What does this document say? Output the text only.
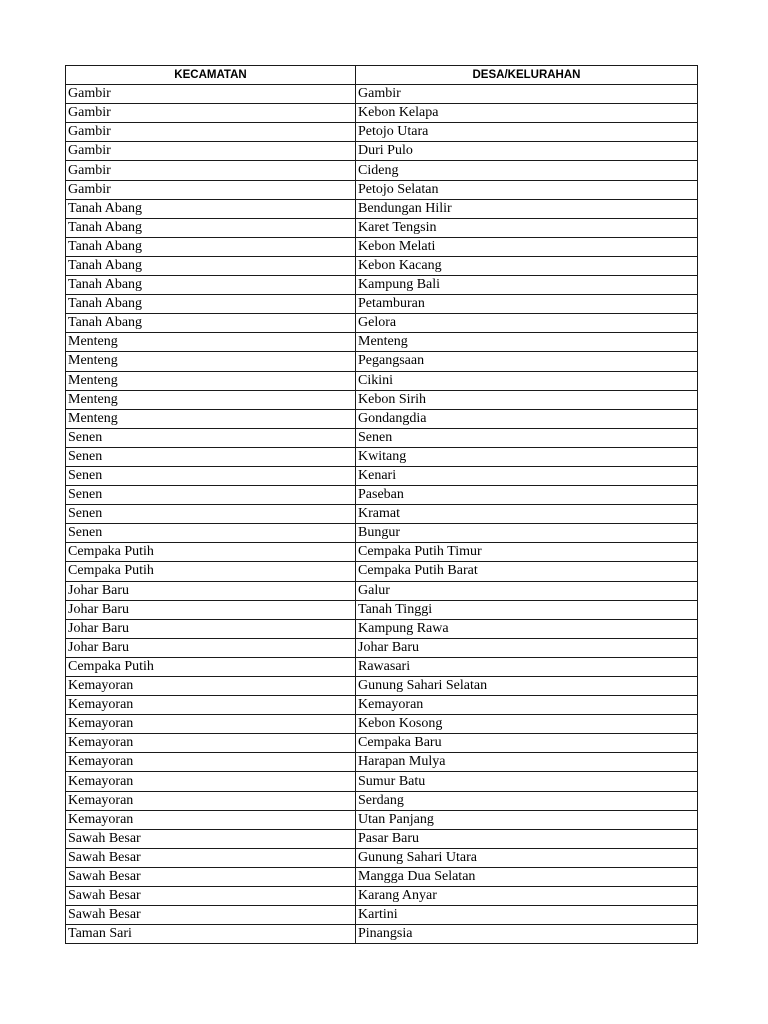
KECAMATAN	DESA/KELURAHAN
Gambir	Gambir
Gambir	Kebon Kelapa
Gambir	Petojo Utara
Gambir	Duri Pulo
Gambir	Cideng
Gambir	Petojo Selatan
Tanah Abang	Bendungan Hilir
Tanah Abang	Karet Tengsin
Tanah Abang	Kebon Melati
Tanah Abang	Kebon Kacang
Tanah Abang	Kampung Bali
Tanah Abang	Petamburan
Tanah Abang	Gelora
Menteng	Menteng
Menteng	Pegangsaan
Menteng	Cikini
Menteng	Kebon Sirih
Menteng	Gondangdia
Senen	Senen
Senen	Kwitang
Senen	Kenari
Senen	Paseban
Senen	Kramat
Senen	Bungur
Cempaka Putih	Cempaka Putih Timur
Cempaka Putih	Cempaka Putih Barat
Johar Baru	Galur
Johar Baru	Tanah Tinggi
Johar Baru	Kampung Rawa
Johar Baru	Johar Baru
Cempaka Putih	Rawasari
Kemayoran	Gunung Sahari Selatan
Kemayoran	Kemayoran
Kemayoran	Kebon Kosong
Kemayoran	Cempaka Baru
Kemayoran	Harapan Mulya
Kemayoran	Sumur Batu
Kemayoran	Serdang
Kemayoran	Utan Panjang
Sawah Besar	Pasar Baru
Sawah Besar	Gunung Sahari Utara
Sawah Besar	Mangga Dua Selatan
Sawah Besar	Karang Anyar
Sawah Besar	Kartini
Taman Sari	Pinangsia
